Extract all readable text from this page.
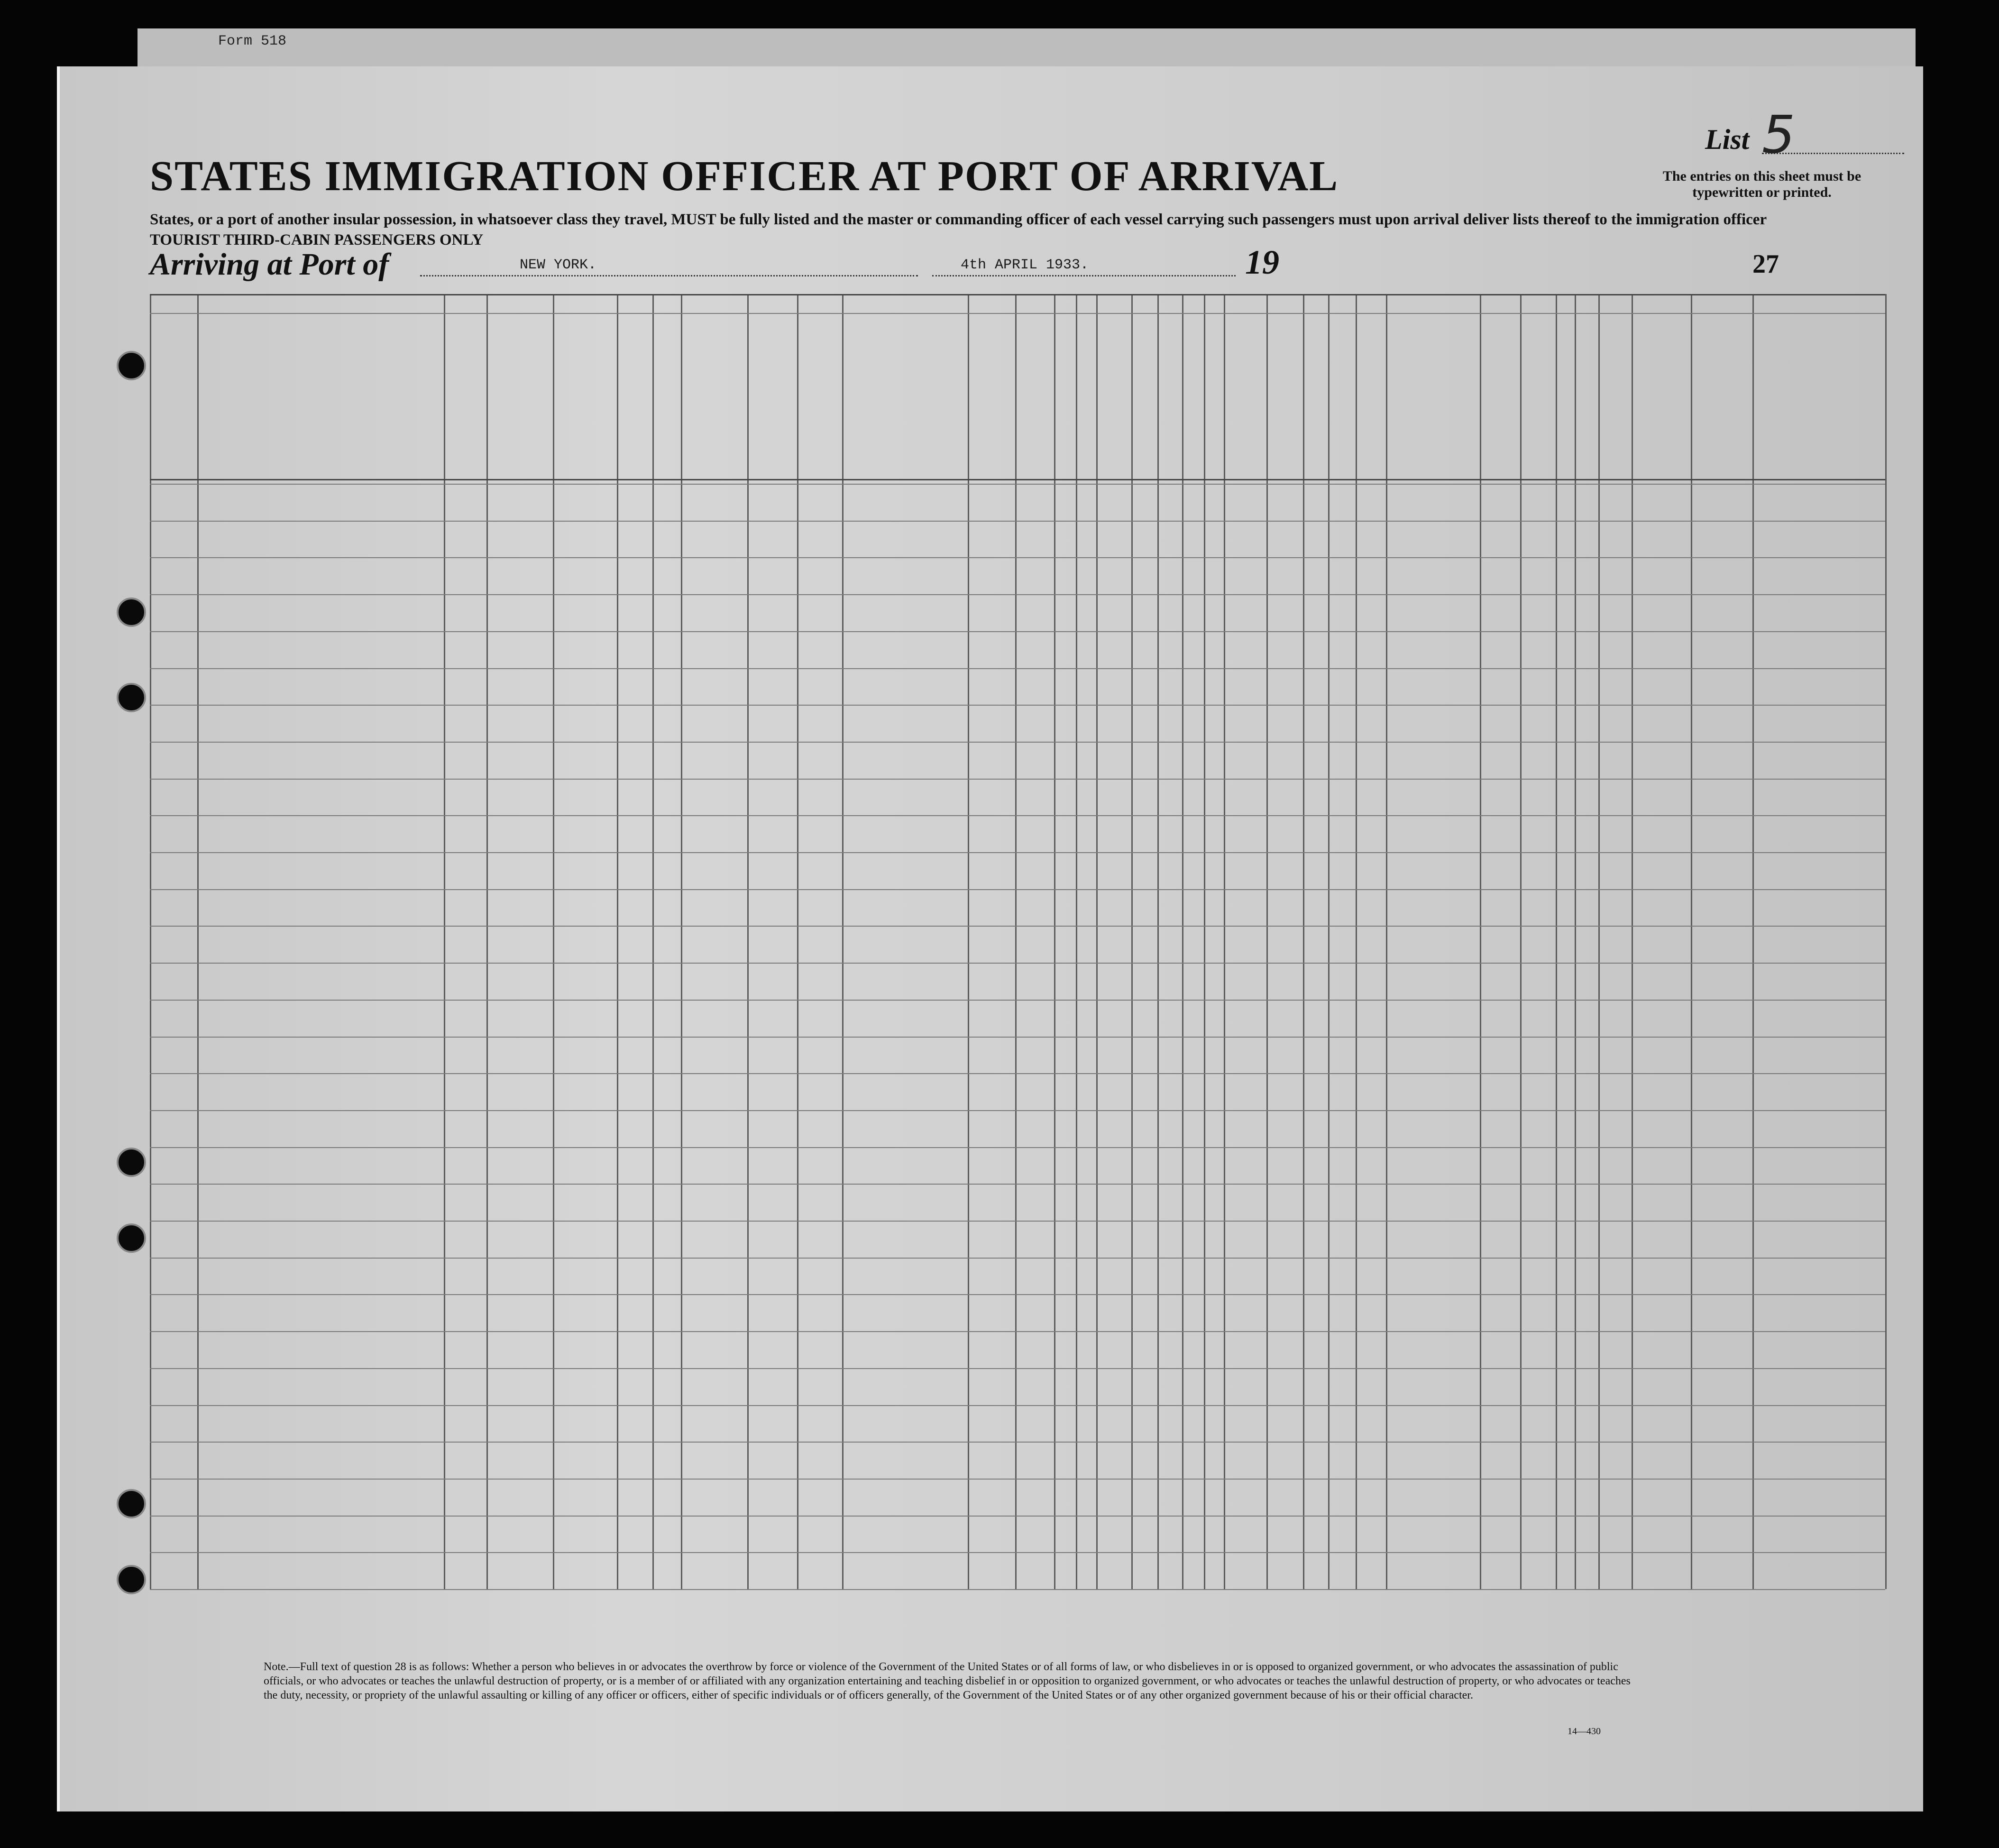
Form 518
STATES IMMIGRATION OFFICER AT PORT OF ARRIVAL
States, or a port of another insular possession, in whatsoever class they travel, MUST be fully listed and the master or commanding officer of each vessel carrying such passengers must upon arrival deliver lists thereof to the immigration officer
TOURIST THIRD-CABIN PASSENGERS ONLY
List 5
The entries on this sheet must be typewritten or printed.
Arriving at Port of	NEW YORK.	4th APRIL 1933.	19	27
Note.—Full text of question 28 is as follows: Whether a person who believes in or advocates the overthrow by force or violence of the Government of the United States or of all forms of law, or who disbelieves in or is opposed to organized government, or who advocates the assassination of public officials, or who advocates or teaches the unlawful destruction of property, or is a member of or affiliated with any organization entertaining and teaching disbelief in or opposition to organized government, or who advocates or teaches the unlawful destruction of property, or who advocates or teaches the duty, necessity, or propriety of the unlawful assaulting or killing of any officer or officers, either of specific individuals or of officers generally, of the Government of the United States or of any other organized government because of his or their official character.
14—430
